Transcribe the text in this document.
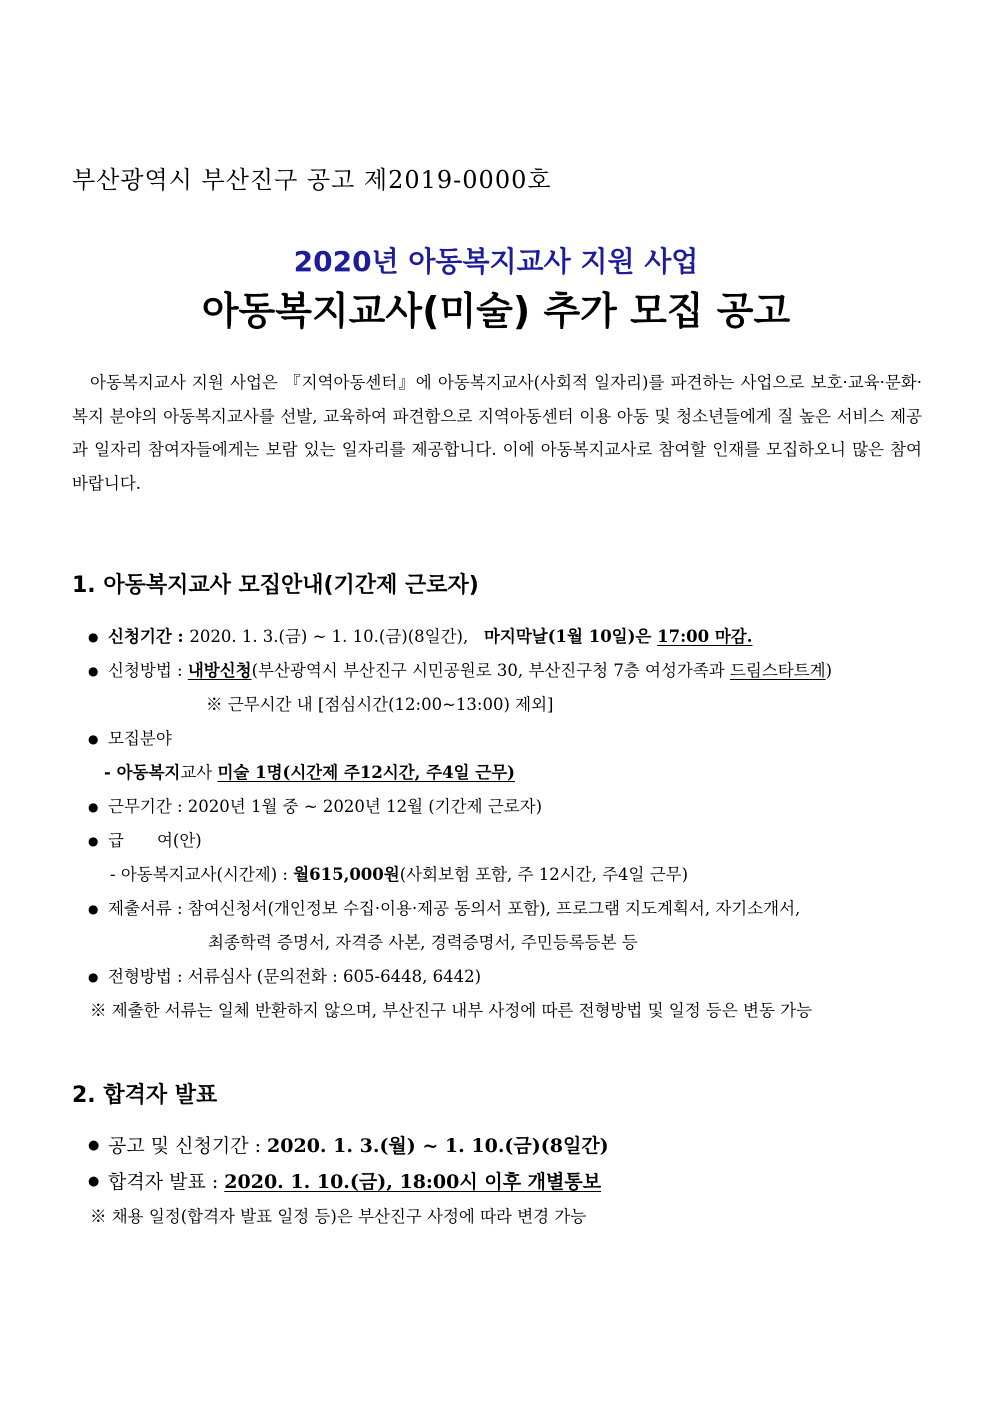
부산광역시 부산진구 공고 제2019-0000호
2020년 아동복지교사 지원 사업
아동복지교사(미술) 추가 모집 공고
아동복지교사 지원 사업은 『지역아동센터』에 아동복지교사(사회적 일자리)를 파견하는 사업으로 보호·교육·문화·복지 분야의 아동복지교사를 선발, 교육하여 파견함으로 지역아동센터 이용 아동 및 청소년들에게 질 높은 서비스 제공과 일자리 참여자들에게는 보람 있는 일자리를 제공합니다. 이에 아동복지교사로 참여할 인재를 모집하오니 많은 참여바랍니다.
1. 아동복지교사 모집안내(기간제 근로자)
● 신청기간 : 2020. 1. 3.(금) ~ 1. 10.(금)(8일간), 마지막날(1월 10일)은 17:00 마감.
● 신청방법 : 내방신청(부산광역시 부산진구 시민공원로 30, 부산진구청 7층 여성가족과 드림스타트계)
※ 근무시간 내 [점심시간(12:00~13:00) 제외]
● 모집분야
- 아동복지교사 미술 1명(시간제 주12시간, 주4일 근무)
● 근무기간 : 2020년 1월 중 ~ 2020년 12월 (기간제 근로자)
● 급　　여(안)
- 아동복지교사(시간제) : 월615,000원(사회보험 포함, 주 12시간, 주4일 근무)
● 제출서류 : 참여신청서(개인정보 수집·이용·제공 동의서 포함), 프로그램 지도계획서, 자기소개서,
최종학력 증명서, 자격증 사본, 경력증명서, 주민등록등본 등
● 전형방법 : 서류심사 (문의전화 : 605-6448, 6442)
※ 제출한 서류는 일체 반환하지 않으며, 부산진구 내부 사정에 따른 전형방법 및 일정 등은 변동 가능
2. 합격자 발표
● 공고 및 신청기간 : 2020. 1. 3.(월) ~ 1. 10.(금)(8일간)
● 합격자 발표 : 2020. 1. 10.(금), 18:00시 이후 개별통보
※ 채용 일정(합격자 발표 일정 등)은 부산진구 사정에 따라 변경 가능
